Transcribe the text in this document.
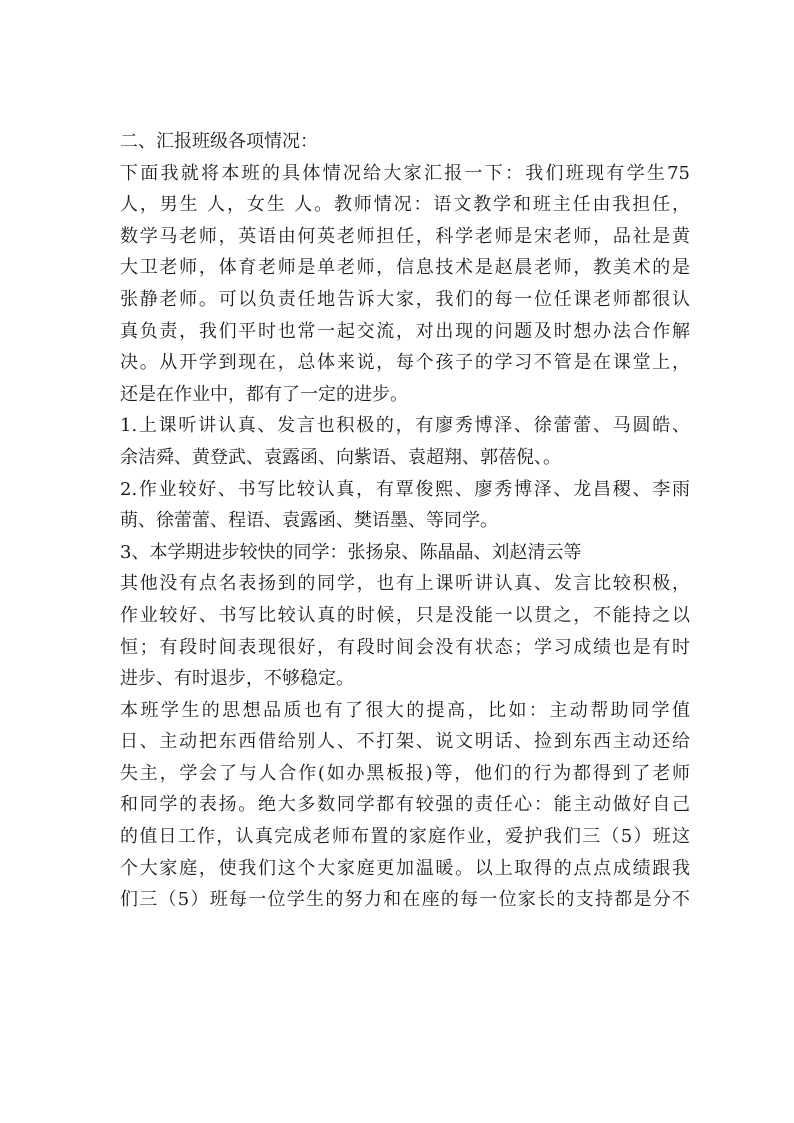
二、汇报班级各项情况：
下面我就将本班的具体情况给大家汇报一下：我们班现有学生75
人，男生 人，女生 人。教师情况：语文教学和班主任由我担任，
数学马老师，英语由何英老师担任，科学老师是宋老师，品社是黄
大卫老师，体育老师是单老师，信息技术是赵晨老师，教美术的是
张静老师。可以负责任地告诉大家，我们的每一位任课老师都很认
真负责，我们平时也常一起交流，对出现的问题及时想办法合作解
决。从开学到现在，总体来说，每个孩子的学习不管是在课堂上，
还是在作业中，都有了一定的进步。
1.上课听讲认真、发言也积极的，有廖秀博泽、徐蕾蕾、马圆皓、
余洁舜、黄登武、袁露函、向紫语、袁超翔、郭蓓倪、。
2.作业较好、书写比较认真，有覃俊熙、廖秀博泽、龙昌稷、李雨
萌、徐蕾蕾、程语、袁露函、樊语墨、等同学。
3、本学期进步较快的同学：张扬泉、陈晶晶、刘赵清云等
其他没有点名表扬到的同学，也有上课听讲认真、发言比较积极，
作业较好、书写比较认真的时候，只是没能一以贯之，不能持之以
恒；有段时间表现很好，有段时间会没有状态；学习成绩也是有时
进步、有时退步，不够稳定。
本班学生的思想品质也有了很大的提高，比如：主动帮助同学值
日、主动把东西借给别人、不打架、说文明话、捡到东西主动还给
失主，学会了与人合作(如办黑板报)等，他们的行为都得到了老师
和同学的表扬。绝大多数同学都有较强的责任心：能主动做好自己
的值日工作，认真完成老师布置的家庭作业，爱护我们三（5）班这
个大家庭，使我们这个大家庭更加温暖。以上取得的点点成绩跟我
们三（5）班每一位学生的努力和在座的每一位家长的支持都是分不
